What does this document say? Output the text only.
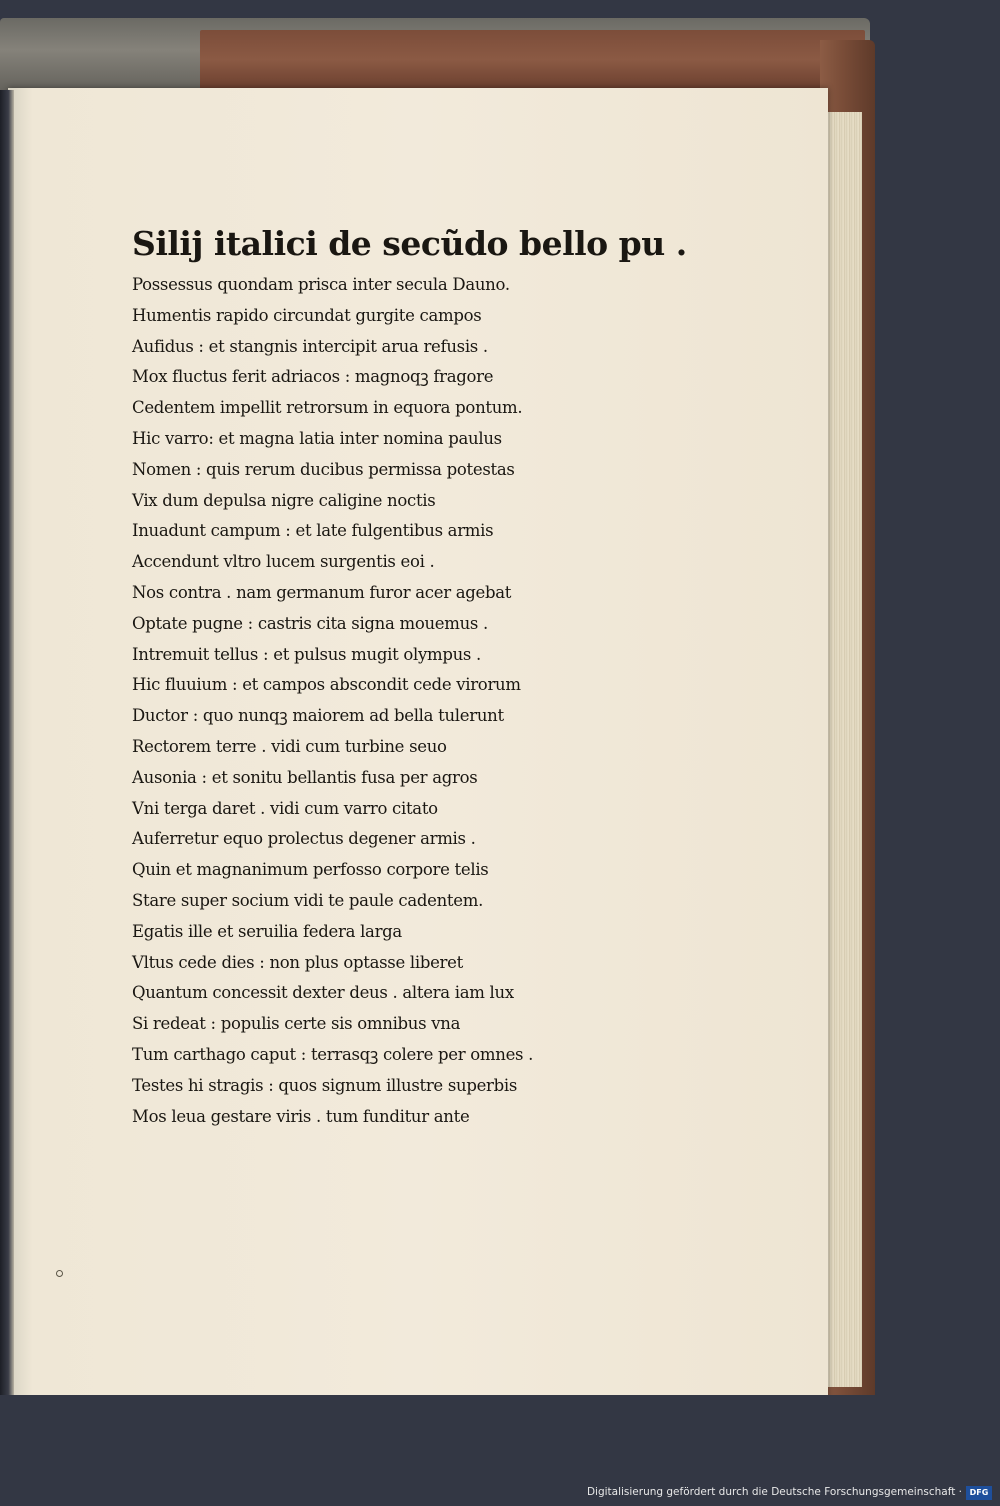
Silij italici de secũdo bello pu .
Possessus quondam prisca inter secula Dauno.
Humentis rapido circundat gurgite campos
Aufidus : et stangnis intercipit arua refusis .
Mox fluctus ferit adriacos : magnoqꝫ fragore
Cedentem impellit retrorsum in equora pontum.
Hic varro: et magna latia inter nomina paulus
Nomen : quis rerum ducibus permissa potestas
Vix dum depulsa nigre caligine noctis
Inuadunt campum : et late fulgentibus armis
Accendunt vltro lucem surgentis eoi .
Nos contra . nam germanum furor acer agebat
Optate pugne : castris cita signa mouemus .
Intremuit tellus : et pulsus mugit olympus .
Hic fluuium : et campos abscondit cede virorum
Ductor : quo nunqꝫ maiorem ad bella tulerunt
Rectorem terre . vidi cum turbine seuo
Ausonia : et sonitu bellantis fusa per agros
Vni terga daret . vidi cum varro citato
Auferretur equo prolectus degener armis .
Quin et magnanimum perfosso corpore telis
Stare super socium vidi te paule cadentem.
Egatis ille et seruilia federa larga
Vltus cede dies : non plus optasse liberet
Quantum concessit dexter deus . altera iam lux
Si redeat : populis certe sis omnibus vna
Tum carthago caput : terrasqꝫ colere per omnes .
Testes hi stragis : quos signum illustre superbis
Mos leua gestare viris . tum funditur ante
Digitalisierung gefördert durch die Deutsche Forschungsgemeinschaft · DFG
